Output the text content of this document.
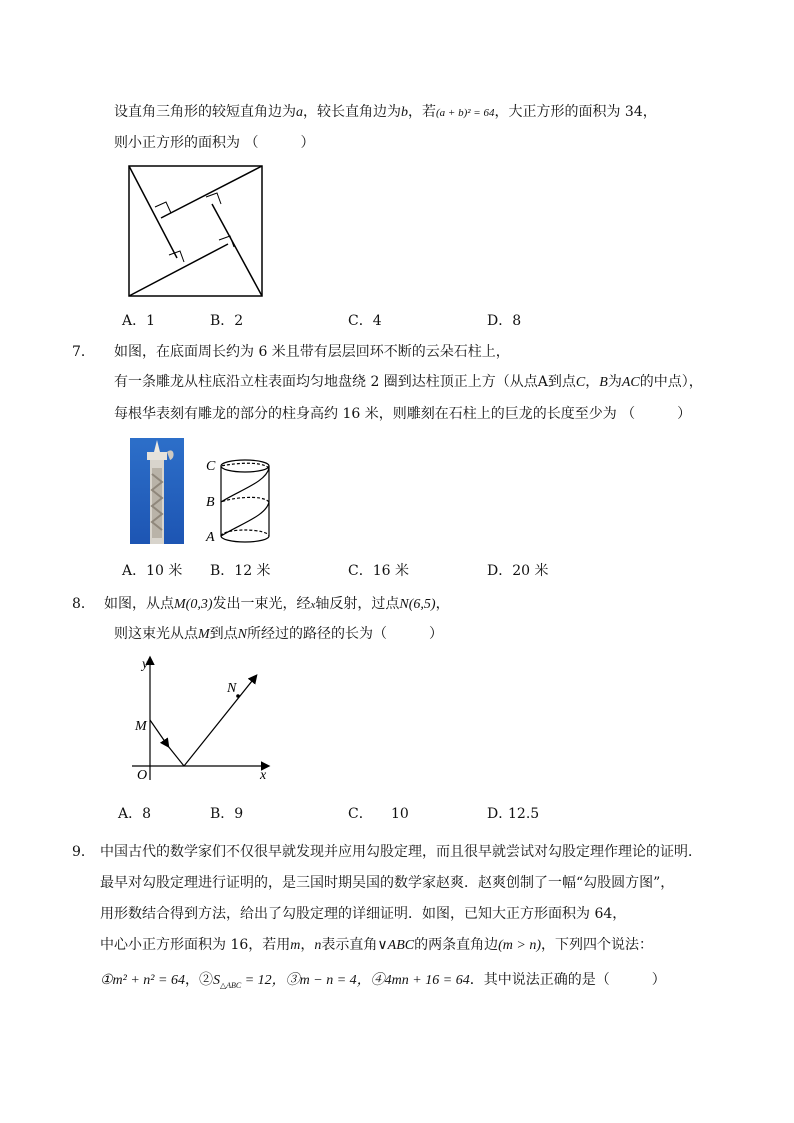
设直角三角形的较短直角边为a，较长直角边为b，若(a + b)² = 64，大正方形的面积为 34，
则小正方形的面积为 （　　　）
A．1	B．2	C．4	D．8
7． 如图，在底面周长约为 6 米且带有层层回环不断的云朵石柱上，
有一条雕龙从柱底沿立柱表面均匀地盘绕 2 圈到达柱顶正上方（从点A到点C，B为AC的中点），
每根华表刻有雕龙的部分的柱身高约 16 米，则雕刻在石柱上的巨龙的长度至少为 （　　　）
C
B
A
A．10 米 B．12 米	C．16 米	D．20 米
8． 如图，从点M(0,3)发出一束光，经x轴反射，过点N(6,5)，
则这束光从点M到点N所经过的路径的长为（　　　）
y
M
N
O	x
A．8	B．9	C． 10	D．
12.5
9． 中国古代的数学家们不仅很早就发现并应用勾股定理，而且很早就尝试对勾股定理作理论的证明．
最早对勾股定理进行证明的，是三国时期吴国的数学家赵爽．赵爽创制了一幅“勾股圆方图”，
用形数结合得到方法，给出了勾股定理的详细证明．如图，已知大正方形面积为 64，
中心小正方形面积为 16，若用m，n表示直角∨ABC的两条直角边(m > n)，下列四个说法：
①m² + n² = 64，$②S_{\triangle ABC} = 12$，③m − n = 4，④4mn + 16 = 64．其中说法正确的是（　　　）
